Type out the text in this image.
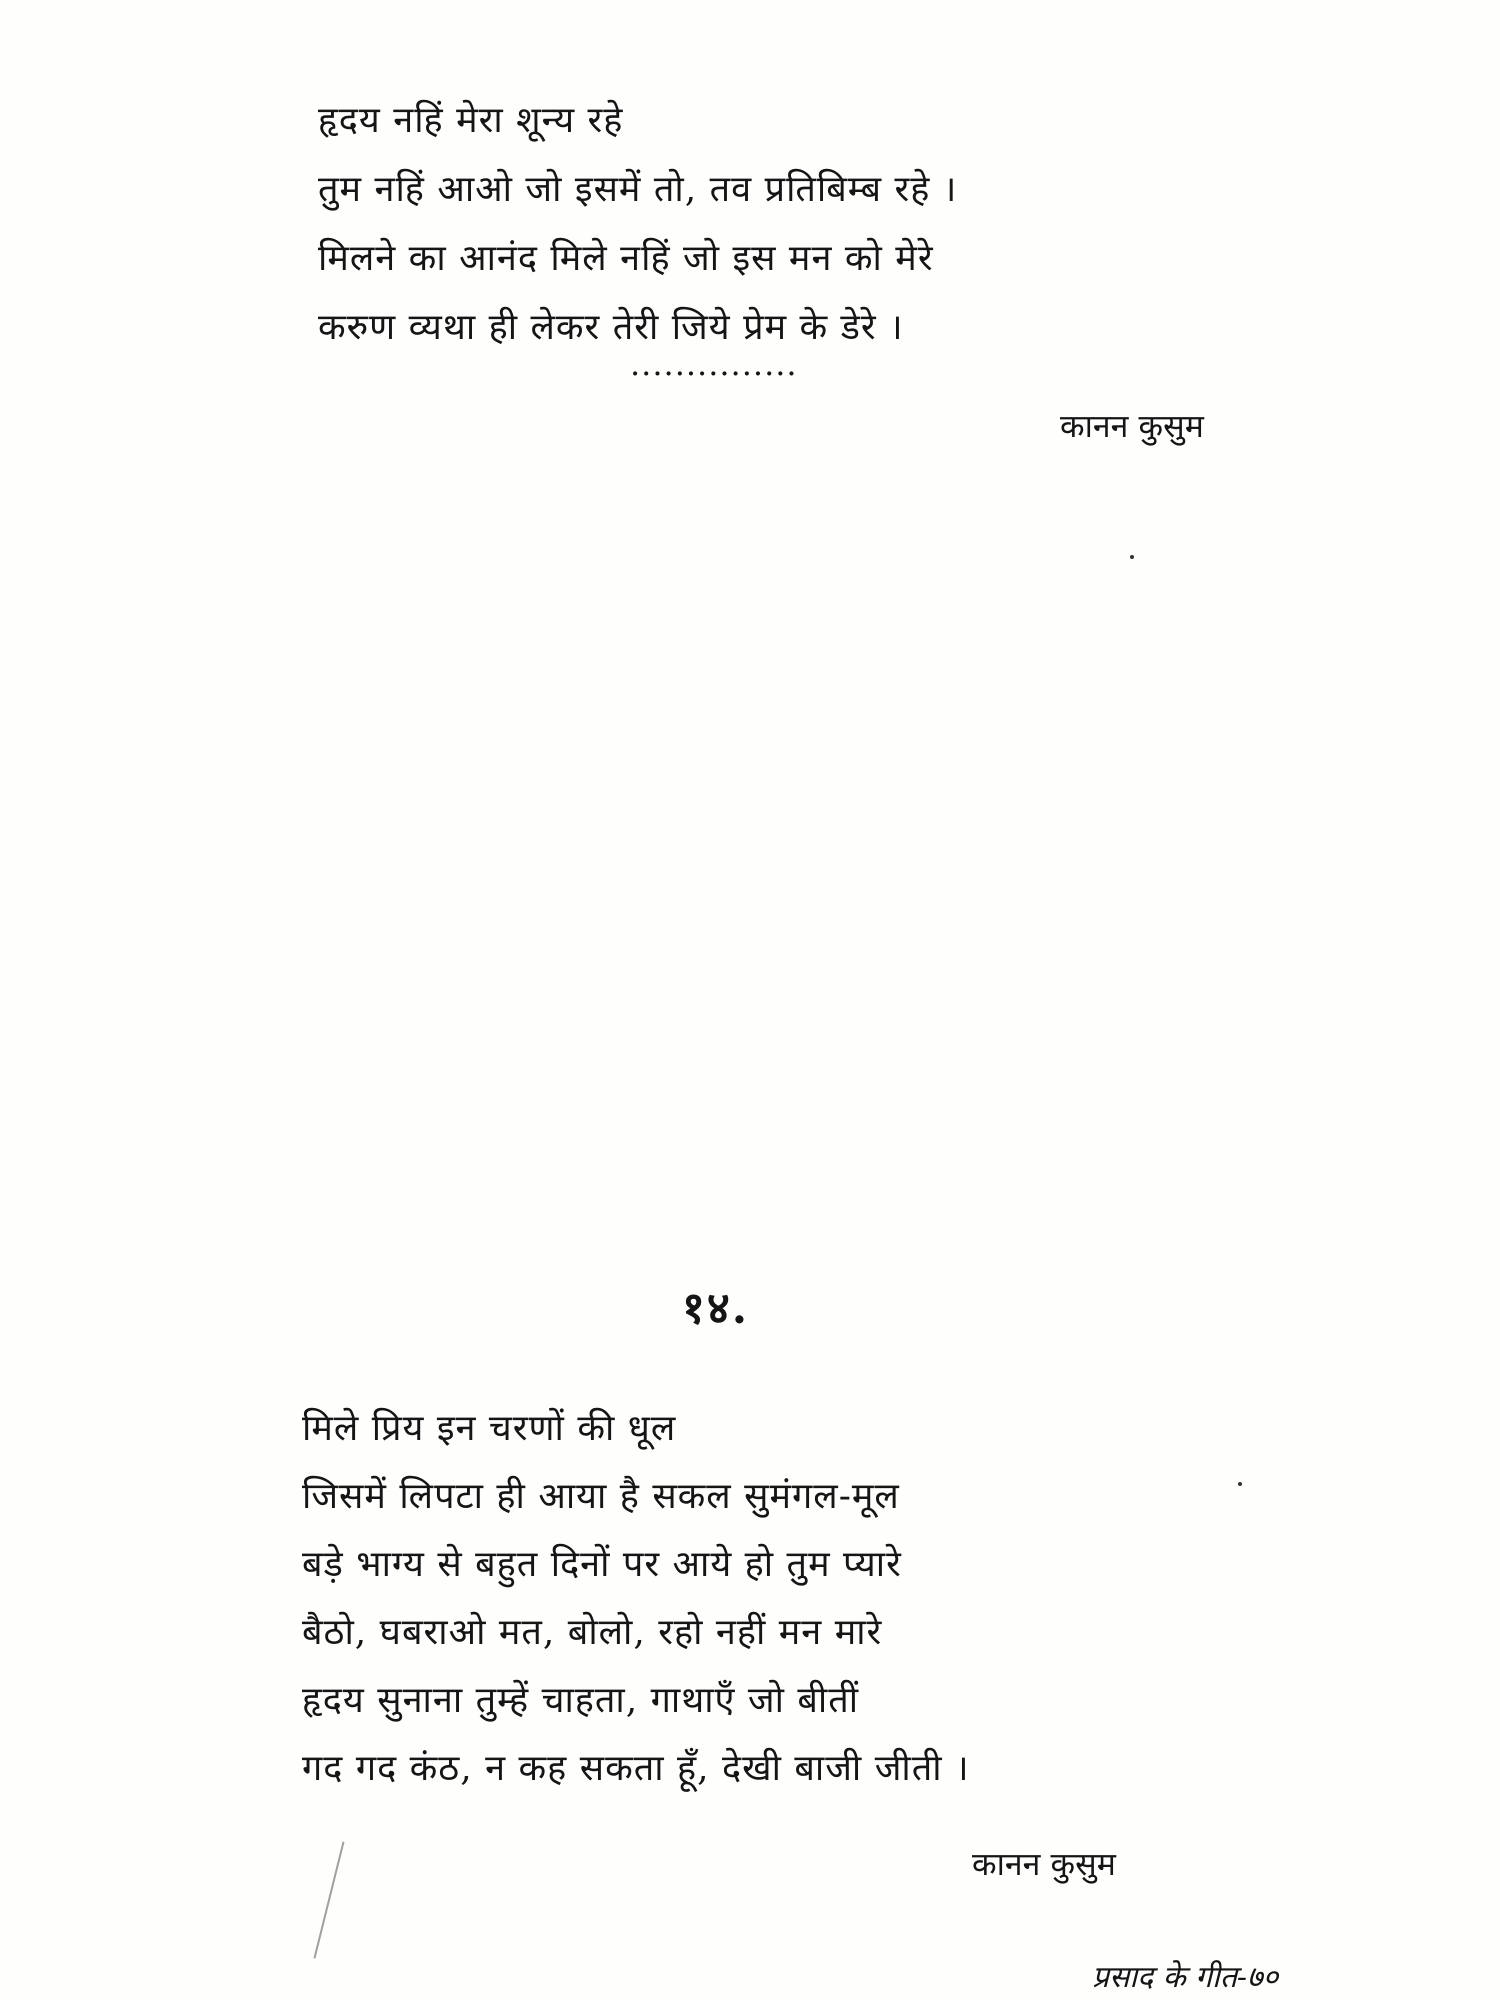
हृदय नहिं मेरा शून्य रहे
तुम नहिं आओ जो इसमें तो, तव प्रतिबिम्ब रहे ।
मिलने का आनंद मिले नहिं जो इस मन को मेरे
करुण व्यथा ही लेकर तेरी जिये प्रेम के डेरे ।
...............
कानन कुसुम
१४.
मिले प्रिय इन चरणों की धूल
जिसमें लिपटा ही आया है सकल सुमंगल-मूल
बड़े भाग्य से बहुत दिनों पर आये हो तुम प्यारे
बैठो, घबराओ मत, बोलो, रहो नहीं मन मारे
हृदय सुनाना तुम्हें चाहता, गाथाएँ जो बीतीं
गद गद कंठ, न कह सकता हूँ, देखी बाजी जीती ।
कानन कुसुम
प्रसाद के गीत-७०
